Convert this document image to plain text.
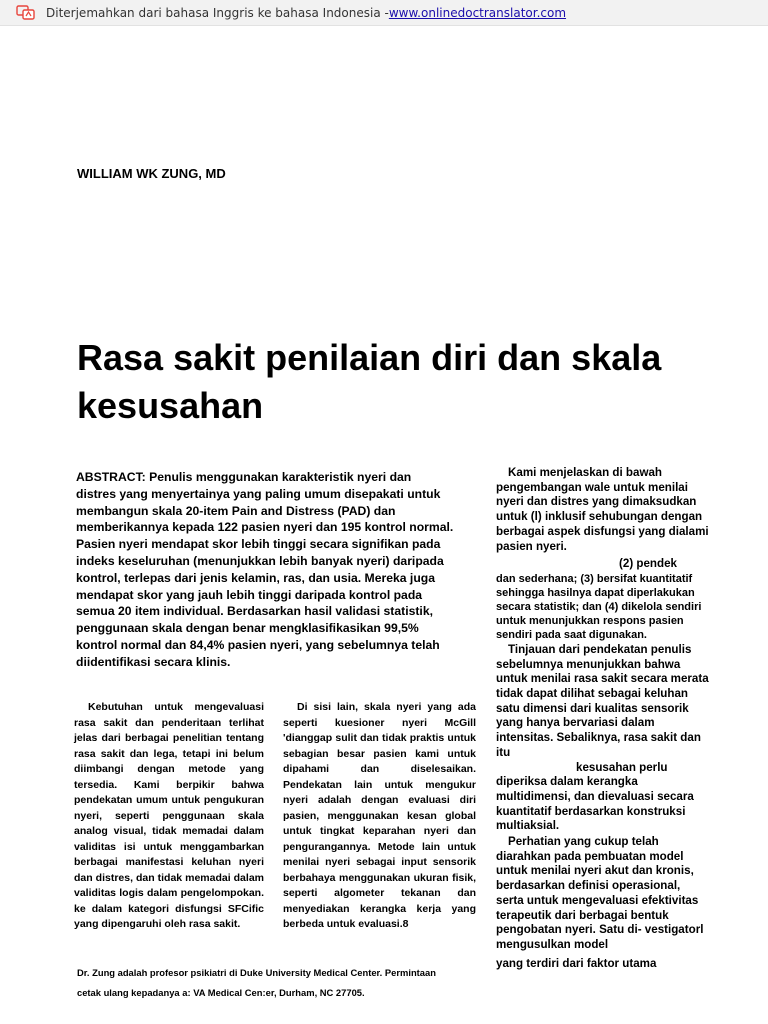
Diterjemahkan dari bahasa Inggris ke bahasa Indonesia - www.onlinedoctranslator.com
WILLIAM WK ZUNG, MD
Rasa sakit penilaian diri dan skala kesusahan

ABSTRACT: Penulis menggunakan karakteristik nyeri dan distres yang menyertainya yang paling umum disepakati untuk membangun skala 20-item Pain and Distress (PAD) dan memberikannya kepada 122 pasien nyeri dan 195 kontrol normal. Pasien nyeri mendapat skor lebih tinggi secara signifikan pada indeks keseluruhan (menunjukkan lebih banyak nyeri) daripada kontrol, terlepas dari jenis kelamin, ras, dan usia. Mereka juga mendapat skor yang jauh lebih tinggi daripada kontrol pada semua 20 item individual. Berdasarkan hasil validasi statistik, penggunaan skala dengan benar mengklasifikasikan 99,5% kontrol normal dan 84,4% pasien nyeri, yang sebelumnya telah diidentifikasi secara klinis.

Kebutuhan untuk mengevaluasi rasa sakit dan penderitaan terlihat jelas dari berbagai penelitian tentang rasa sakit dan lega, tetapi ini belum diimbangi dengan metode yang tersedia. Kami berpikir bahwa pendekatan umum untuk pengukuran nyeri, seperti penggunaan skala analog visual, tidak memadai dalam validitas isi untuk menggambarkan berbagai manifestasi keluhan nyeri dan distres, dan tidak memadai dalam validitas logis dalam pengelompokan. ke dalam kategori disfungsi SFCific yang dipengaruhi oleh rasa sakit.

Di sisi lain, skala nyeri yang ada seperti kuesioner nyeri McGill 'dianggap sulit dan tidak praktis untuk sebagian besar pasien kami untuk dipahami dan diselesaikan. Pendekatan lain untuk mengukur nyeri adalah dengan evaluasi diri pasien, menggunakan kesan global untuk tingkat keparahan nyeri dan pengurangannya. Metode lain untuk menilai nyeri sebagai input sensorik berbahaya menggunakan ukuran fisik, seperti algometer tekanan dan menyediakan kerangka kerja yang berbeda untuk evaluasi.8

Kami menjelaskan di bawah pengembangan wale untuk menilai nyeri dan distres yang dimaksudkan untuk (l) inklusif sehubungan dengan berbagai aspek disfungsi yang dialami pasien nyeri.

(2) pendek

dan sederhana; (3) bersifat kuantitatif sehingga hasilnya dapat diperlakukan secara statistik; dan (4) dikelola sendiri untuk menunjukkan respons pasien sendiri pada saat digunakan.

Tinjauan dari pendekatan penulis sebelumnya menunjukkan bahwa untuk menilai rasa sakit secara merata tidak dapat dilihat sebagai keluhan satu dimensi dari kualitas sensorik yang hanya bervariasi dalam intensitas. Sebaliknya, rasa sakit dan itu

kesusahan perlu

diperiksa dalam kerangka multidimensi, dan dievaluasi secara kuantitatif berdasarkan konstruksi multiaksial.

Perhatian yang cukup telah diarahkan pada pembuatan model untuk menilai nyeri akut dan kronis, berdasarkan definisi operasional, serta untuk mengevaluasi efektivitas terapeutik dari berbagai bentuk pengobatan nyeri. Satu di- vestigatorl mengusulkan model

yang terdiri dari faktor utama

Dr. Zung adalah profesor psikiatri di Duke University Medical Center. Permintaan
cetak ulang kepadanya a: VA Medical Cen:er, Durham, NC 27705.
